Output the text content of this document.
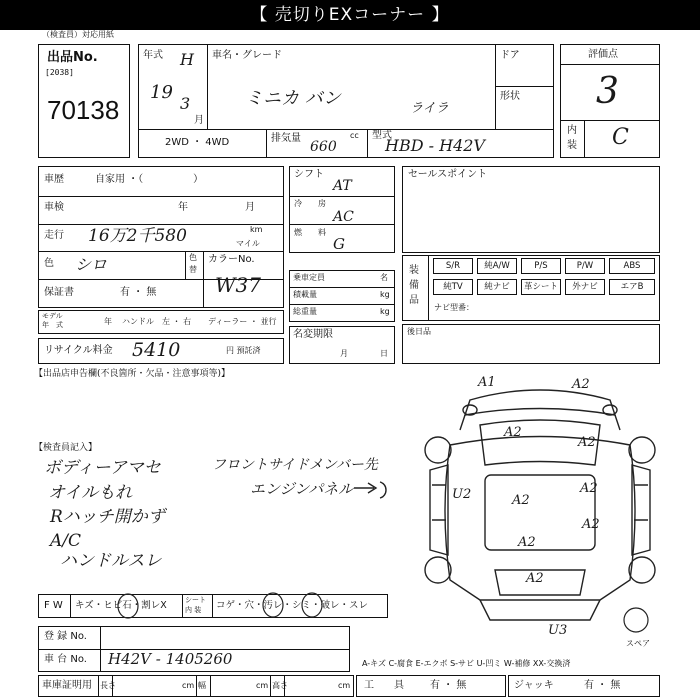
【 売切りEXコーナー 】
（検査員）対応用紙
出品No.
[2038]
70138
年式 H
19
3
月
車名・グレード
ミニカ バン	ライラ
ドア
形状
2WD ・ 4WD	排気量	cc
660
型式
HBD - H42V
評価点
3
内
装 C
車歴	自家用 ・（　　　　　）
車検	年	月
走行 16万2千580	km
マイル
色 シロ	色
替
カラーNo.
W37
保証書	有 ・ 無
モデル
年　式	年 ハンドル　左 ・ 右 ディーラー ・ 並行
リサイクル料金 5410	円 預託済
【出品店申告欄(不良箇所・欠品・注意事項等)】
シフト
AT
冷 房
AC
燃 料
G
乗車定員	名
積載量	kg
総重量	kg
名変期限
月	日
セールスポイント
装
備
品
S/R	純A/W	P/S	P/W	ABS
純TV	純ナビ	革シート	外ナビ	エアB
ナビ型番：
後日品
【検査員記入】
ボディーアマセ
オイルもれ
Rハッチ開かず
A/C
ハンドルスレ
フロントサイドメンバー先
エンジンパネル
F W キズ・ヒビ石・割レX	シート
内 装 コゲ・穴・汚レ・シミ・破レ・スレ
A1	A2
A2
A2
A2
A2
A2
A2
U2
A2
U3
スペア
登 録 No.
車 台 No. H42V - 1405260	A-キズ C-腐食 E-エクボ S-サビ U-凹ミ W-補修 XX-交換済
車庫証明用 長さ	cm 幅	cm 高さ	cm 工　　具	有 ・ 無	ジャッキ	有 ・ 無
